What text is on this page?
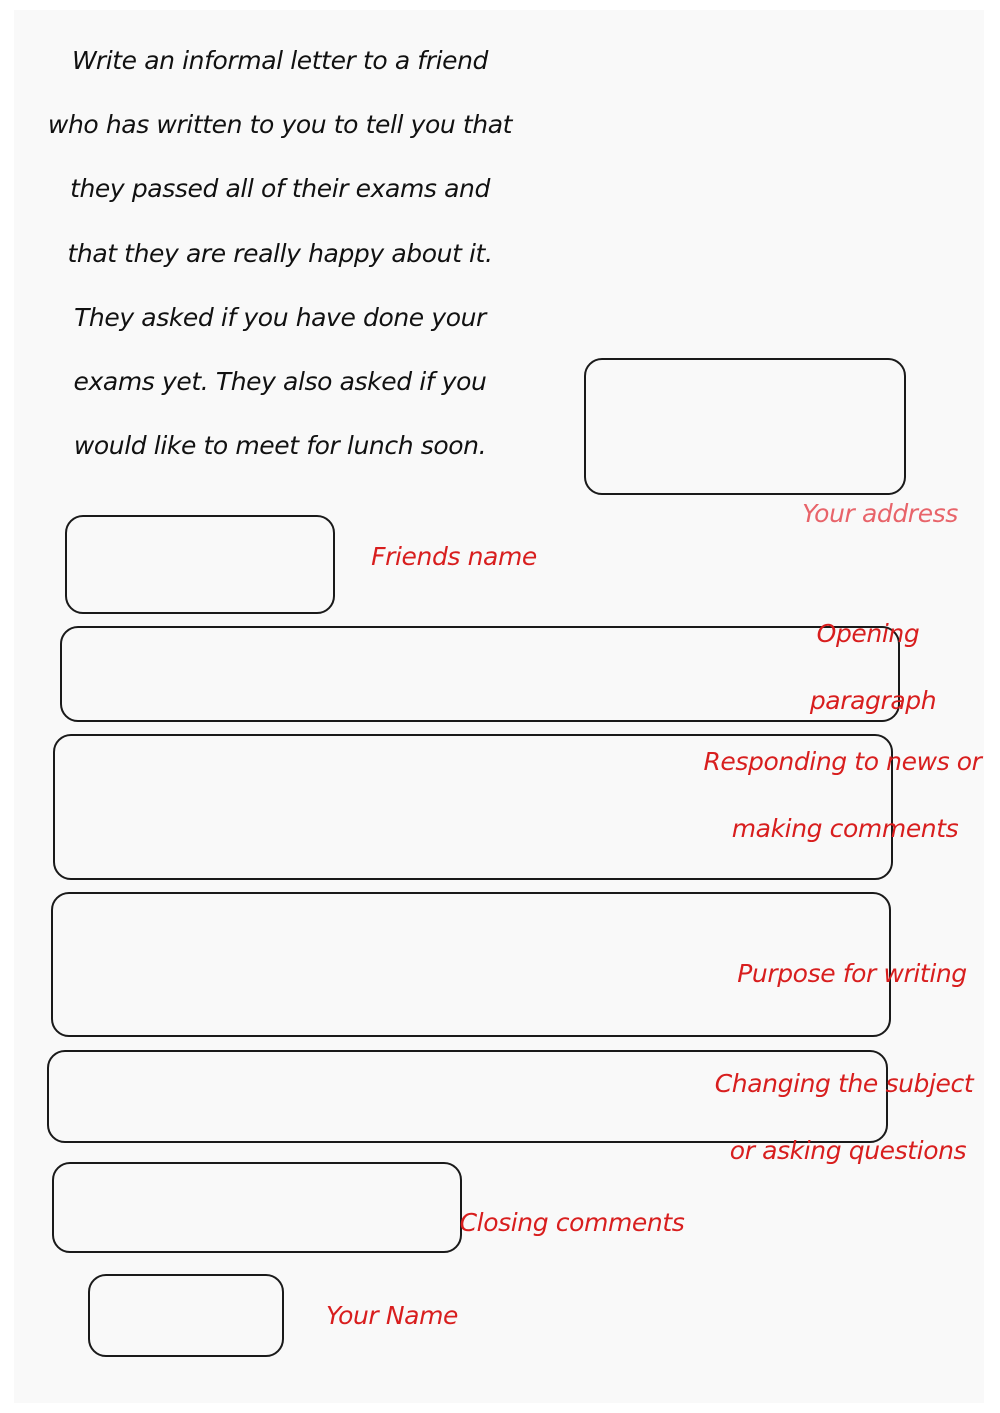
Write an informal letter to a friend
who has written to you to tell you that
they passed all of their exams and
that they are really happy about it.
They asked if you have done your
exams yet. They also asked if you
would like to meet for lunch soon.
Your address
Friends name
Opening
paragraph
Responding to news or
making comments
Purpose for writing
Changing the subject
or asking questions
Closing comments
Your Name
